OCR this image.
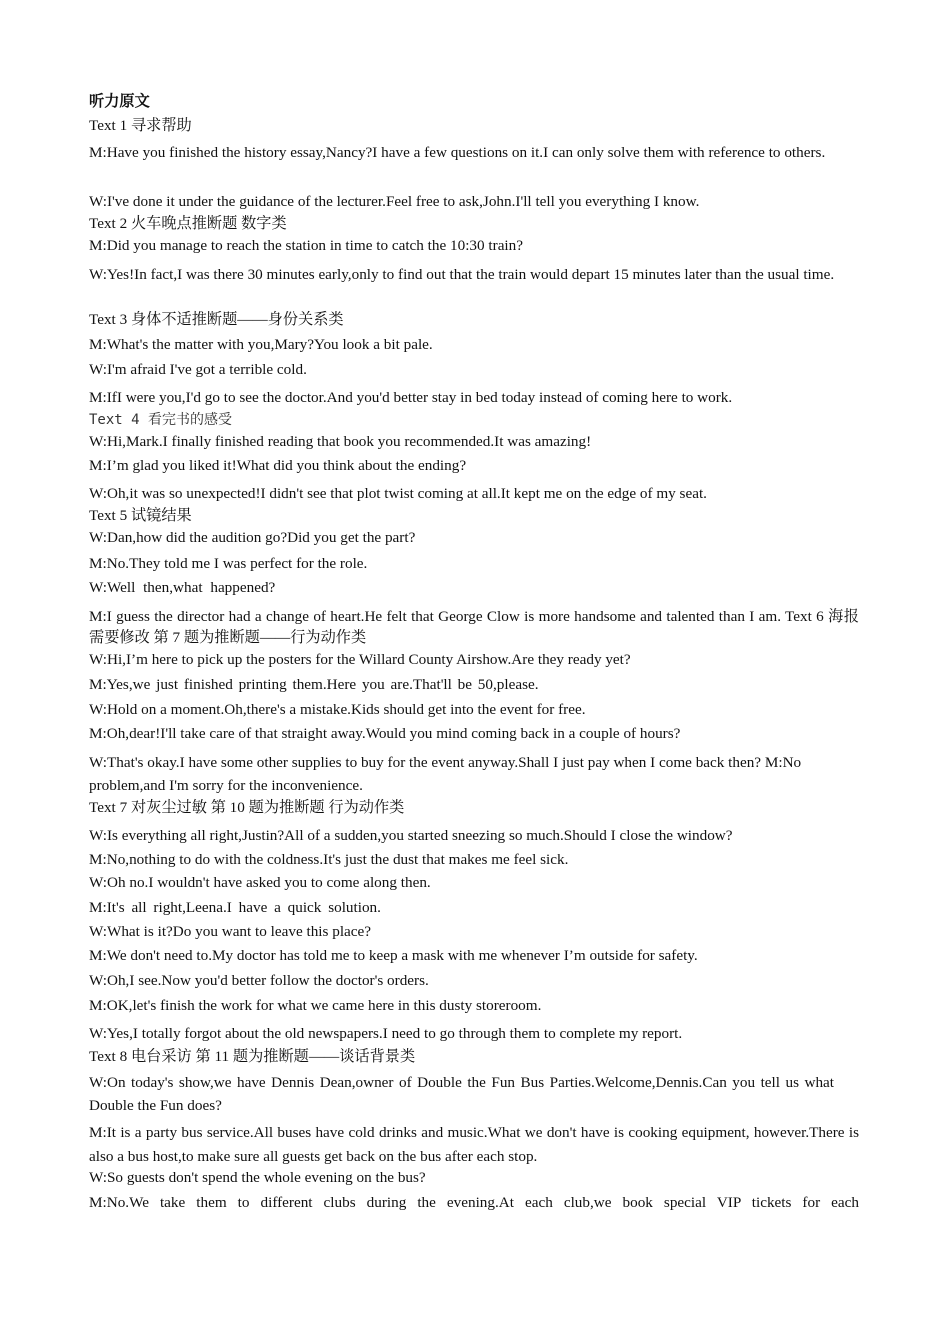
听力原文
Text 1 寻求帮助
M:Have you finished the history essay,Nancy?I have a few questions on it.I can only solve them with reference to others.
W:I've done it under the guidance of the lecturer.Feel free to ask,John.I'll tell you everything I know.
Text 2 火车晚点推断题 数字类
M:Did you manage to reach the station in time to catch the 10:30 train?
W:Yes!In fact,I was there 30 minutes early,only to find out that the train would depart 15 minutes later than the usual time.
Text 3 身体不适推断题——身份关系类
M:What's the matter with you,Mary?You look a bit pale.
W:I'm afraid I've got a terrible cold.
M:IfI were you,I'd go to see the doctor.And you'd better stay in bed today instead of coming here to work.
Text 4 看完书的感受
W:Hi,Mark.I finally finished reading that book you recommended.It was amazing!
M:I’m glad you liked it!What did you think about the ending?
W:Oh,it was so unexpected!I didn't see that plot twist coming at all.It kept me on the edge of my seat.
Text 5 试镜结果
W:Dan,how did the audition go?Did you get the part?
M:No.They told me I was perfect for the role.
W:Well then,what happened?
M:I guess the director had a change of heart.He felt that George Clow is more handsome and talented than I am. Text 6 海报需要修改 第 7 题为推断题——行为动作类
W:Hi,I’m here to pick up the posters for the Willard County Airshow.Are they ready yet?
M:Yes,we just finished printing them.Here you are.That'll be 50,please.
W:Hold on a moment.Oh,there's a mistake.Kids should get into the event for free.
M:Oh,dear!I'll take care of that straight away.Would you mind coming back in a couple of hours?
W:That's okay.I have some other supplies to buy for the event anyway.Shall I just pay when I come back then? M:No problem,and I'm sorry for the inconvenience.
Text 7 对灰尘过敏 第 10 题为推断题 行为动作类
W:Is everything all right,Justin?All of a sudden,you started sneezing so much.Should I close the window?
M:No,nothing to do with the coldness.It's just the dust that makes me feel sick.
W:Oh no.I wouldn't have asked you to come along then.
M:It's all right,Leena.I have a quick solution.
W:What is it?Do you want to leave this place?
M:We don't need to.My doctor has told me to keep a mask with me whenever I’m outside for safety.
W:Oh,I see.Now you'd better follow the doctor's orders.
M:OK,let's finish the work for what we came here in this dusty storeroom.
W:Yes,I totally forgot about the old newspapers.I need to go through them to complete my report.
Text 8 电台采访 第 11 题为推断题——谈话背景类
W:On today's show,we have Dennis Dean,owner of Double the Fun Bus Parties.Welcome,Dennis.Can you tell us what Double the Fun does?
M:It is a party bus service.All buses have cold drinks and music.What we don't have is cooking equipment, however.There is also a bus host,to make sure all guests get back on the bus after each stop.
W:So guests don't spend the whole evening on the bus?
M:No.We take them to different clubs during the evening.At each club,we book special VIP tickets for each
